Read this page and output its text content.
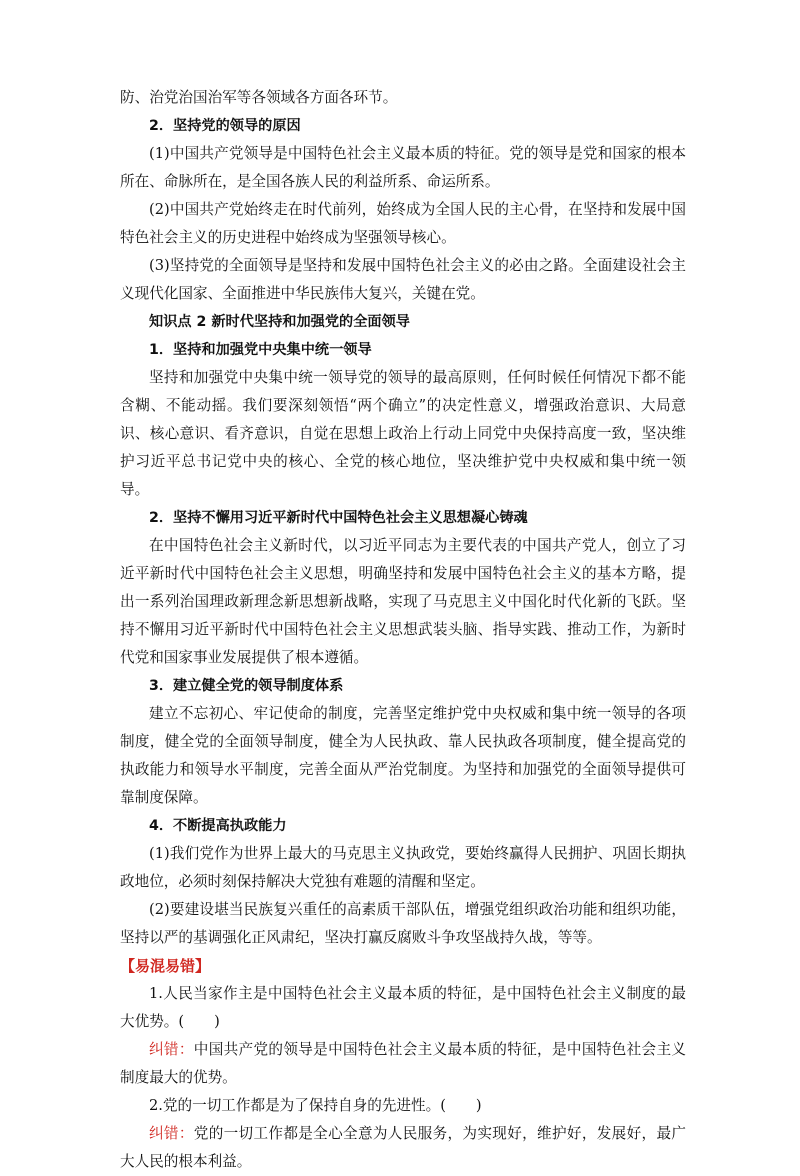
防、治党治国治军等各领域各方面各环节。

2．坚持党的领导的原因

(1)中国共产党领导是中国特色社会主义最本质的特征。党的领导是党和国家的根本所在、命脉所在，是全国各族人民的利益所系、命运所系。

(2)中国共产党始终走在时代前列，始终成为全国人民的主心骨，在坚持和发展中国特色社会主义的历史进程中始终成为坚强领导核心。

(3)坚持党的全面领导是坚持和发展中国特色社会主义的必由之路。全面建设社会主义现代化国家、全面推进中华民族伟大复兴，关键在党。

知识点 2 新时代坚持和加强党的全面领导

1．坚持和加强党中央集中统一领导

坚持和加强党中央集中统一领导党的领导的最高原则，任何时候任何情况下都不能含糊、不能动摇。我们要深刻领悟“两个确立”的决定性意义，增强政治意识、大局意识、核心意识、看齐意识，自觉在思想上政治上行动上同党中央保持高度一致，坚决维护习近平总书记党中央的核心、全党的核心地位，坚决维护党中央权威和集中统一领导。

2．坚持不懈用习近平新时代中国特色社会主义思想凝心铸魂

在中国特色社会主义新时代，以习近平同志为主要代表的中国共产党人，创立了习近平新时代中国特色社会主义思想，明确坚持和发展中国特色社会主义的基本方略，提出一系列治国理政新理念新思想新战略，实现了马克思主义中国化时代化新的飞跃。坚持不懈用习近平新时代中国特色社会主义思想武装头脑、指导实践、推动工作，为新时代党和国家事业发展提供了根本遵循。

3．建立健全党的领导制度体系

建立不忘初心、牢记使命的制度，完善坚定维护党中央权威和集中统一领导的各项制度，健全党的全面领导制度，健全为人民执政、靠人民执政各项制度，健全提高党的执政能力和领导水平制度，完善全面从严治党制度。为坚持和加强党的全面领导提供可靠制度保障。

4．不断提高执政能力

(1)我们党作为世界上最大的马克思主义执政党，要始终赢得人民拥护、巩固长期执政地位，必须时刻保持解决大党独有难题的清醒和坚定。

(2)要建设堪当民族复兴重任的高素质干部队伍，增强党组织政治功能和组织功能，坚持以严的基调强化正风肃纪，坚决打赢反腐败斗争攻坚战持久战，等等。

【易混易错】

1.人民当家作主是中国特色社会主义最本质的特征，是中国特色社会主义制度的最大优势。( )

纠错：中国共产党的领导是中国特色社会主义最本质的特征，是中国特色社会主义制度最大的优势。

2.党的一切工作都是为了保持自身的先进性。( )

纠错：党的一切工作都是全心全意为人民服务，为实现好，维护好，发展好，最广大人民的根本利益。
